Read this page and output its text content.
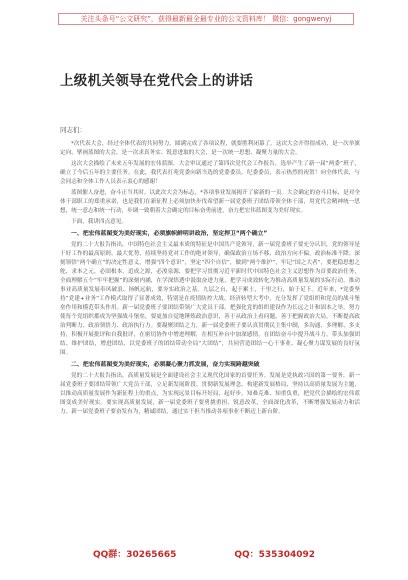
关注头条号“公文研究”，获得最新最全最专业的公文资料库！ 微信：gongwenyj
上级机关领导在党代会上的讲话
同志们：

*次代表大会，经过全体代表的共同努力，圆满完成了各项议程，就要胜利闭幕了。这次大会开得很成功，是一次举旗定向、擘画蓝图的大会，是一次求真务实、锐意进取的大会，是一次统一思想、凝聚力量的大会。

这次大会描绘了未来五年发展的宏伟蓝图。大会审议通过了第四次党代会工作报告，选举产生了新一届“两委”班子，确立了今后五年的主要任务。在此，我代表打苑党委向新当选的党委委员、纪委委员，表示热烈的祝贺！向全体代表，与会同志和全体工作人员表示衷心的感谢！

蓝图催人奋进，奋斗正当其时。以此次大会为标志，*各项事业发展揭开了崭新的一页。大会确定的奋斗目标，是对全体干部职工的郑重承诺，也是我们在新征程上必须加快步伐希望新一届党委班子团结带领全体干部，用党代会精神统一思想，统一意志和统一行动，步调一致朝着大会确定的目标奋勇前进，奋力把宏伟蓝图变为美好现实。

下面，我讲四点意见。

一、把宏伟蓝图变为美好现实，必须旗帜鲜明讲政治，坚定捍卫“两个确立”

党的二十大报告指出，中国特色社会主义最本质的特征是中国共产党领导，新一届党委班子要充分认识，党的领导是干好工作的最高原则、最大优势，持续坚持党对工作的绝对领导，确保政治立场不移、政治方向不偏，政治标准不降。深刻领悟“两个确立”的决定性意义，增强“四个意识”，坚定“四个自信”，做到“两个维护”，牢记“国之大者”，要把稳思想之舵、求本之元，必固根本，追成之源，必浚泉源，要把学习贯彻习近平新时代中国特色社会主义思想作为首要政治任务，全面理解五个“牢牢把握”的深刻内涵，在学深悟透中汲取奋进力量，把学习成效转化为推动高质量发展的实际行动，推动事业高质量发展奉风破浪、扬帆远航，要夯实政治之基。九层之台，起于累土，千里之行，始于足下。近年来，*党委坚持“党建+业务”工作模式取得了显著成效，特别是在疫情防控大战、经济转型大考中，充分发挥了党组织和党员的战斗堡垒作用和模范带头作用。新一届党委班子要团结带领广大党员干部，把强化党的组织建设作为长远之计和固本之举，努力使每个党组织都成为坚强战斗堡垒，要更加自觉地锤炼政治意识，善于从政治上看问题，善于把握政治大局，不断提高政治判断力、政治领悟力、政治执行力。要凝聚团结之力，新一届党委班子要认真贯彻民主集中制，多沟通、多理解、多支持，积极开展批评和自我批评，在密切协作中增进理解，在相互补台中加深感情，在团结奋斗中提升战斗力，带头加强团结、维护团结，增进团结，以党委班子的团结带动全局“大团结”，共同营造团结一心干事业、凝心聚力谋发展的良好氛围。

二、把宏伟蓝图变为美好现实，必须凝心聚力抓发展，奋力实现跨越突破

党的二十大报告指出，高质量发展是全面建设社会主义现代化国家的首要任务。发展是党执政兴国的第一要务，新一届党委班子要团结带领广大党员干部，立足新发展阶段、贯彻新发展理念，构建新发展格局，坚持以高质量发展为主题，以推动高质量发展作为新征程上的重点，为实现远景目标开好局、起好步。知难克难、知重负重，把党代会描绘的宏伟蓝图变成美好现实。要实现高质量发展，新一届党委班子要勇挑重担、锐意改革，全面深化改革，不断增强发展动力和活力。新一届党委班子要奋发有为，精诚团结，通过实干担当推动各项事业不断迈上新台阶。

QQ群：30265665	QQ：535304092
